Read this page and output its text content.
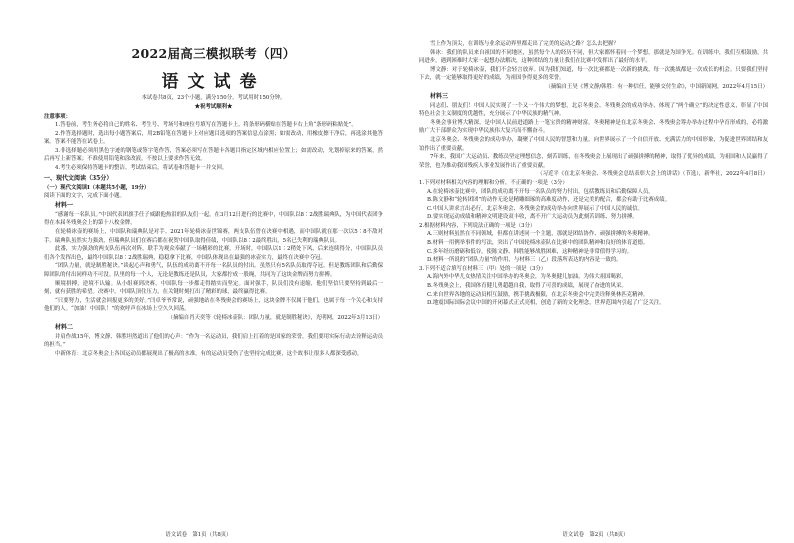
2022届高三模拟联考（四）

语文试卷

本试卷共8页，23个小题，满分150分。考试用时150分钟。

★祝考试顺利★

注意事项：

1.答卷前，考生务必将自己的姓名、考生号、考场号和座位号填写在答题卡上。将条形码横贴在答题卡右上角“条形码粘贴处”。

2.作答选择题时，选出每小题答案后，用2B铅笔在答题卡上对应题目选项的答案信息点涂黑；如需改动，用橡皮擦干净后，再选涂其他答案。答案不能答在试卷上。

3.非选择题必须用黑色字迹的钢笔或签字笔作答，答案必须写在答题卡各题目指定区域内相应位置上；如需改动，先划掉原来的答案，然后再写上新答案；不准使用铅笔和涂改液。不按以上要求作答无效。

4.考生必须保持答题卡的整洁。考试结束后，将试卷和答题卡一并交回。

一、现代文阅读（35分）

（一）现代文阅读Ⅰ（本题共5小题，19分）

阅读下面的文字，完成下面小题。

材料一

“感谢每一名队员。”中国代表团旗手任子威跟他热泪的队友们一起，在3月12日进行的比赛中，中国队以8∶2战胜瑞典队，为中国代表团争得在本届冬残奥会上的第十八枚金牌。

在轮椅冰壶的赛场上，中国队和瑞典队是对手。2021年轮椅冰壶世锦赛，两支队伍曾在决赛中相遇，而中国队就在那一次以5∶8不敌对手。瑞典队虽然实力强劲，但瑞典队员们在赛后都在祝贺中国队取得佳绩，中国队以8∶2最终胜出，5名已失利的瑞典队员。

此番，实力强劲的两支队伍再次对阵，联手为观众奉献了一场精彩的比赛。开场时，中国队以1∶2稍处下风，后来连续得分，中国队队员们各个发挥出色，最终中国队以8∶2战胜瑞典，稳稳拿下比赛，中国队体现出在最强的冰壶实力，最终在决赛中夺冠。

“团队力量，就是制胜秘诀。”谈起心声和勇气，队伍的成功离不开每一名队员的付出。虽然只有5名队员取得夺冠，但是教练团队和后勤保障团队的付出同样功不可没。队里的每一个人，无论是教练还是队员，大家都拧成一股绳，共同为了这块金牌而努力拼搏。

顺境拼搏，逆境不认输。从小组赛到决赛，中国队每一步都走得踏实而坚定。面对强手，队员们没有退缩，他们坚信只要坚持到最后一刻，就有获胜的希望。决赛中，中国队顶住压力，在关键时刻打出了精彩的球，最终赢得比赛。

“只要努力，生活就会回报更多的美好。”闫卓爷爷常说，顽强地站在冬残奥会的赛场上，这块金牌不仅属于他们，也属于每一个关心和支持他们的人。“加油！中国队！”的欢呼声在冰场上空久久回荡。

（摘编自肖天奕等《轮椅冰壶队：团队力量，就是制胜秘诀》，光明网，2022年3月13日）

材料二

并肩作战15年，博文静、韩胜坦然道出了他们的心声：“作为一名运动员，我们肩上扛着的是国家的荣誉，我们要用实际行动去诠释运动员的担当。”

中新体育：北京冬奥会上各国运动员都展现出了极高的水准，有的运动员受伤了也坚持完成比赛，这个故事让很多人都深受感动。

语文试卷　第1页（共8页）

雪上作为顶尖，在训练与业余运动界里都走出了完美的运动之路？怎么去把握？

韩冰：我们的队员来自祖国的不同地区，虽然每个人的经历不同，但大家都怀着同一个梦想，那就是为国争光。在训练中，我们互相鼓励，共同进步，遇到困难时大家一起想办法解决，这种团结的力量让我们在比赛中发挥出了最好的水平。

博文静：对于轮椅冰壶，我们不会轻言放弃。因为我们知道，每一次比赛都是一次新的挑战，每一次挑战都是一次成长的机会。只要我们坚持下去，就一定能够取得更好的成绩，为祖国争得更多的荣誉。

（摘编自王昊《博文静/韩胜：有一种信任，能够交付生命》，中国新闻网，2022年4月15日）

材料三

同志们、朋友们！中国人民实现了一个又一个伟大的梦想，北京冬奥会、冬残奥会的成功举办，体现了“两个确立”的决定性意义，彰显了中国特色社会主义制度的优越性，充分展示了中华民族的精气神。

冬奥会事业博大精深，是中国人民前进道路上一笔宝贵的精神财富。冬奥精神是在北京冬奥会、冬残奥会筹办举办过程中孕育形成的，必将激励广大干部群众为实现中华民族伟大复兴而不懈奋斗。

北京冬奥会、冬残奥会的成功举办，凝聚了中国人民的智慧和力量，向世界展示了一个自信开放、充满活力的中国形象，为促进世界团结和友谊作出了重要贡献。

7年来，我国广大运动员、教练员坚定理想信念，刻苦训练，在冬残奥会上展现出了顽强拼搏的精神，取得了优异的成绩，为祖国和人民赢得了荣誉，也为推动我国残疾人事业发展作出了重要贡献。

（习近平《在北京冬奥会、冬残奥会总结表彰大会上的讲话》（节选），新华社，2022年4月8日）

1.下列对材料相关内容的理解和分析，不正确的一项是（3分）

A.在轮椅冰壶比赛中，团队的成功离不开每一名队员的努力付出，包括教练员和后勤保障人员。

B.陈文静和“轮转团团”的动作无论是精雕细琢的高难度动作，还是完美的配合，都会有助于比赛成绩。

C.中国人讲求言出必行，北京冬奥会、冬残奥会的成功举办向世界展示了中国人民的诚信。

D.要实现运动成绩和精神文明建设双丰收，离不开广大运动员为此刻苦训练、努力拼搏。

2.根据材料内容，下列说法正确的一项是（3分）

A.三则材料虽然在不同领域，但都在讲述同一个主题，那就是团结协作、顽强拼搏的冬奥精神。

B.材料一用例举事件的写法，突出了中国轮椅冰壶队在比赛中的团队精神和良好的体育道德。

C.多年经历磨砺和低谷，使陈文静、韩胜能够战胜困难，这种精神是非常值得学习的。

D.材料一所说的“团队力量”的作用，与材料三（乙）段落所表达的内容是一致的。

3.下列不适合填写在材料三（甲）处的一项是（3分）

A.海内外中华儿女热情关注中国举办的冬奥会，为冬奥健儿加油，为伟大祖国喝彩。

B.冬残奥会上，我国体育健儿勇超越自我，取得了可喜的成绩，展现了奋进的风采。

C.来自世界各地的运动员相互鼓励，携手挑战极限，在北京冬奥会中完美诠释奥林匹克精神。

D.地震国际国际会议中国的开闭幕式正式亮相，创造了新的文化理念，世界范围内引起了广泛关注。

语文试卷　第2页（共8页）
